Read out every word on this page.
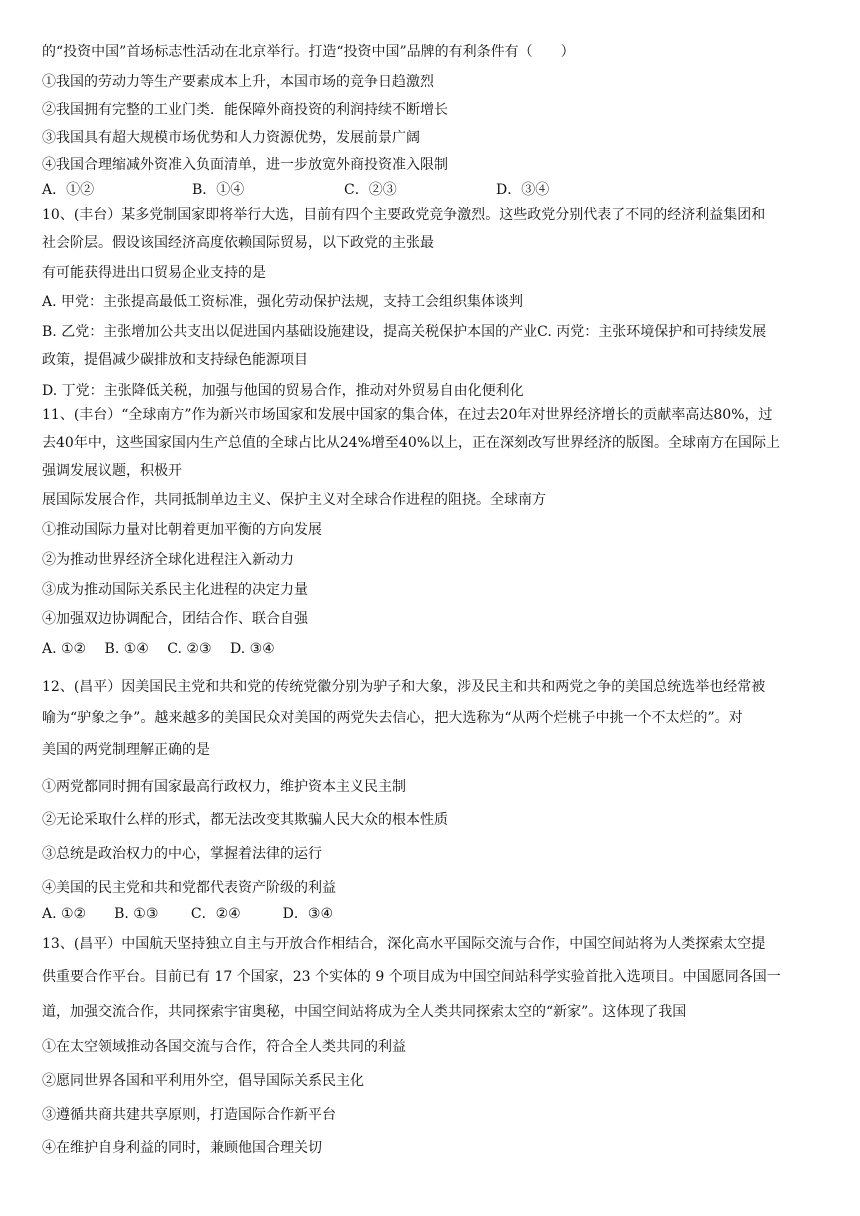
的“投资中国”首场标志性活动在北京举行。打造“投资中国”品牌的有利条件有（　　）
①我国的劳动力等生产要素成本上升，本国市场的竞争日趋激烈
②我国拥有完整的工业门类．能保障外商投资的利润持续不断增长
③我国具有超大规模市场优势和人力资源优势，发展前景广阔
④我国合理缩减外资准入负面清单，进一步放宽外商投资准入限制

A．①②

	B．①④

	C．②③

	D．③④

10、(丰台）某多党制国家即将举行大选，目前有四个主要政党竞争激烈。这些政党分别代表了不同的经济利益集团和
社会阶层。假设该国经济高度依赖国际贸易，以下政党的主张最
有可能获得进出口贸易企业支持的是
A. 甲党：主张提高最低工资标准，强化劳动保护法规，支持工会组织集体谈判
B. 乙党：主张增加公共支出以促进国内基础设施建设，提高关税保护本国的产业C. 丙党：主张环境保护和可持续发展
政策，提倡减少碳排放和支持绿色能源项目
D. 丁党：主张降低关税，加强与他国的贸易合作，推动对外贸易自由化便利化
11、(丰台）“全球南方”作为新兴市场国家和发展中国家的集合体，在过去20年对世界经济增长的贡献率高达80%，过
去40年中，这些国家国内生产总值的全球占比从24%增至40%以上，正在深刻改写世界经济的版图。全球南方在国际上
强调发展议题，积极开
展国际发展合作，共同抵制单边主义、保护主义对全球合作进程的阻挠。全球南方
①推动国际力量对比朝着更加平衡的方向发展
②为推动世界经济全球化进程注入新动力
③成为推动国际关系民主化进程的决定力量
④加强双边协调配合，团结合作、联合自强
A. ①②　 B. ①④　 C. ②③　 D. ③④
12、(昌平）因美国民主党和共和党的传统党徽分别为驴子和大象，涉及民主和共和两党之争的美国总统选举也经常被
喻为“驴象之争”。越来越多的美国民众对美国的两党失去信心，把大选称为“从两个烂桃子中挑一个不太烂的”。对
美国的两党制理解正确的是
①两党都同时拥有国家最高行政权力，维护资本主义民主制
②无论采取什么样的形式，都无法改变其欺骗人民大众的根本性质
③总统是政治权力的中心，掌握着法律的运行
④美国的民主党和共和党都代表资产阶级的利益
A. ①②　　B. ①③　　 C．②④　　　D．③④
13、(昌平）中国航天坚持独立自主与开放合作相结合，深化高水平国际交流与合作，中国空间站将为人类探索太空提
供重要合作平台。目前已有 17 个国家，23 个实体的 9 个项目成为中国空间站科学实验首批入选项目。中国愿同各国一
道，加强交流合作，共同探索宇宙奥秘，中国空间站将成为全人类共同探索太空的“新家”。这体现了我国
①在太空领域推动各国交流与合作，符合全人类共同的利益
②愿同世界各国和平利用外空，倡导国际关系民主化
③遵循共商共建共享原则，打造国际合作新平台
④在维护自身利益的同时，兼顾他国合理关切
